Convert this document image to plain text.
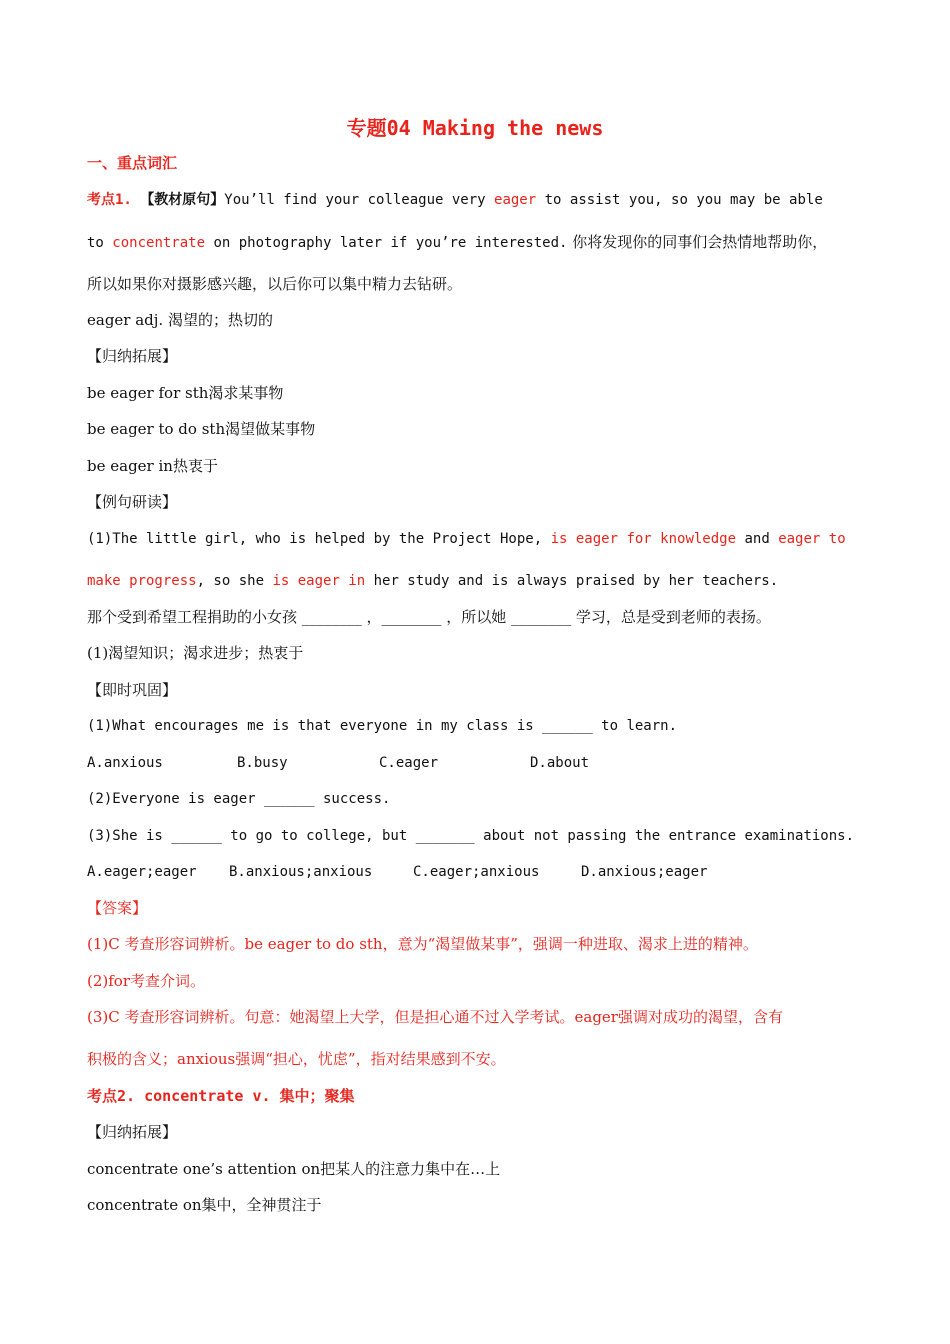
专题04 Making the news
一、重点词汇
考点1. 【教材原句】You’ll find your colleague very eager to assist you, so you may be able
to concentrate on photography later if you’re interested. 你将发现你的同事们会热情地帮助你，
所以如果你对摄影感兴趣，以后你可以集中精力去钻研。
eager adj. 渴望的；热切的
【归纳拓展】
be eager for sth渴求某事物
be eager to do sth渴望做某事物
be eager in热衷于
【例句研读】
(1)The little girl, who is helped by the Project Hope, is eager for knowledge and eager to
make progress, so she is eager in her study and is always praised by her teachers.
那个受到希望工程捐助的小女孩 ________ ，________ ，所以她 ________ 学习，总是受到老师的表扬。
(1)渴望知识；渴求进步；热衷于
【即时巩固】
(1)What encourages me is that everyone in my class is ______ to learn.
A.anxious	B.busy	C.eager	D.about
(2)Everyone is eager ______ success.
(3)She is ______ to go to college, but _______ about not passing the entrance examinations.
A.eager;eager B.anxious;anxious	C.eager;anxious	D.anxious;eager
【答案】
(1)C 考查形容词辨析。be eager to do sth，意为“渴望做某事”，强调一种进取、渴求上进的精神。
(2)for考查介词。
(3)C 考查形容词辨析。句意：她渴望上大学，但是担心通不过入学考试。eager强调对成功的渴望，含有
积极的含义；anxious强调“担心，忧虑”，指对结果感到不安。
考点2. concentrate v. 集中；聚集
【归纳拓展】
concentrate one’s attention on把某人的注意力集中在…上
concentrate on集中，全神贯注于
